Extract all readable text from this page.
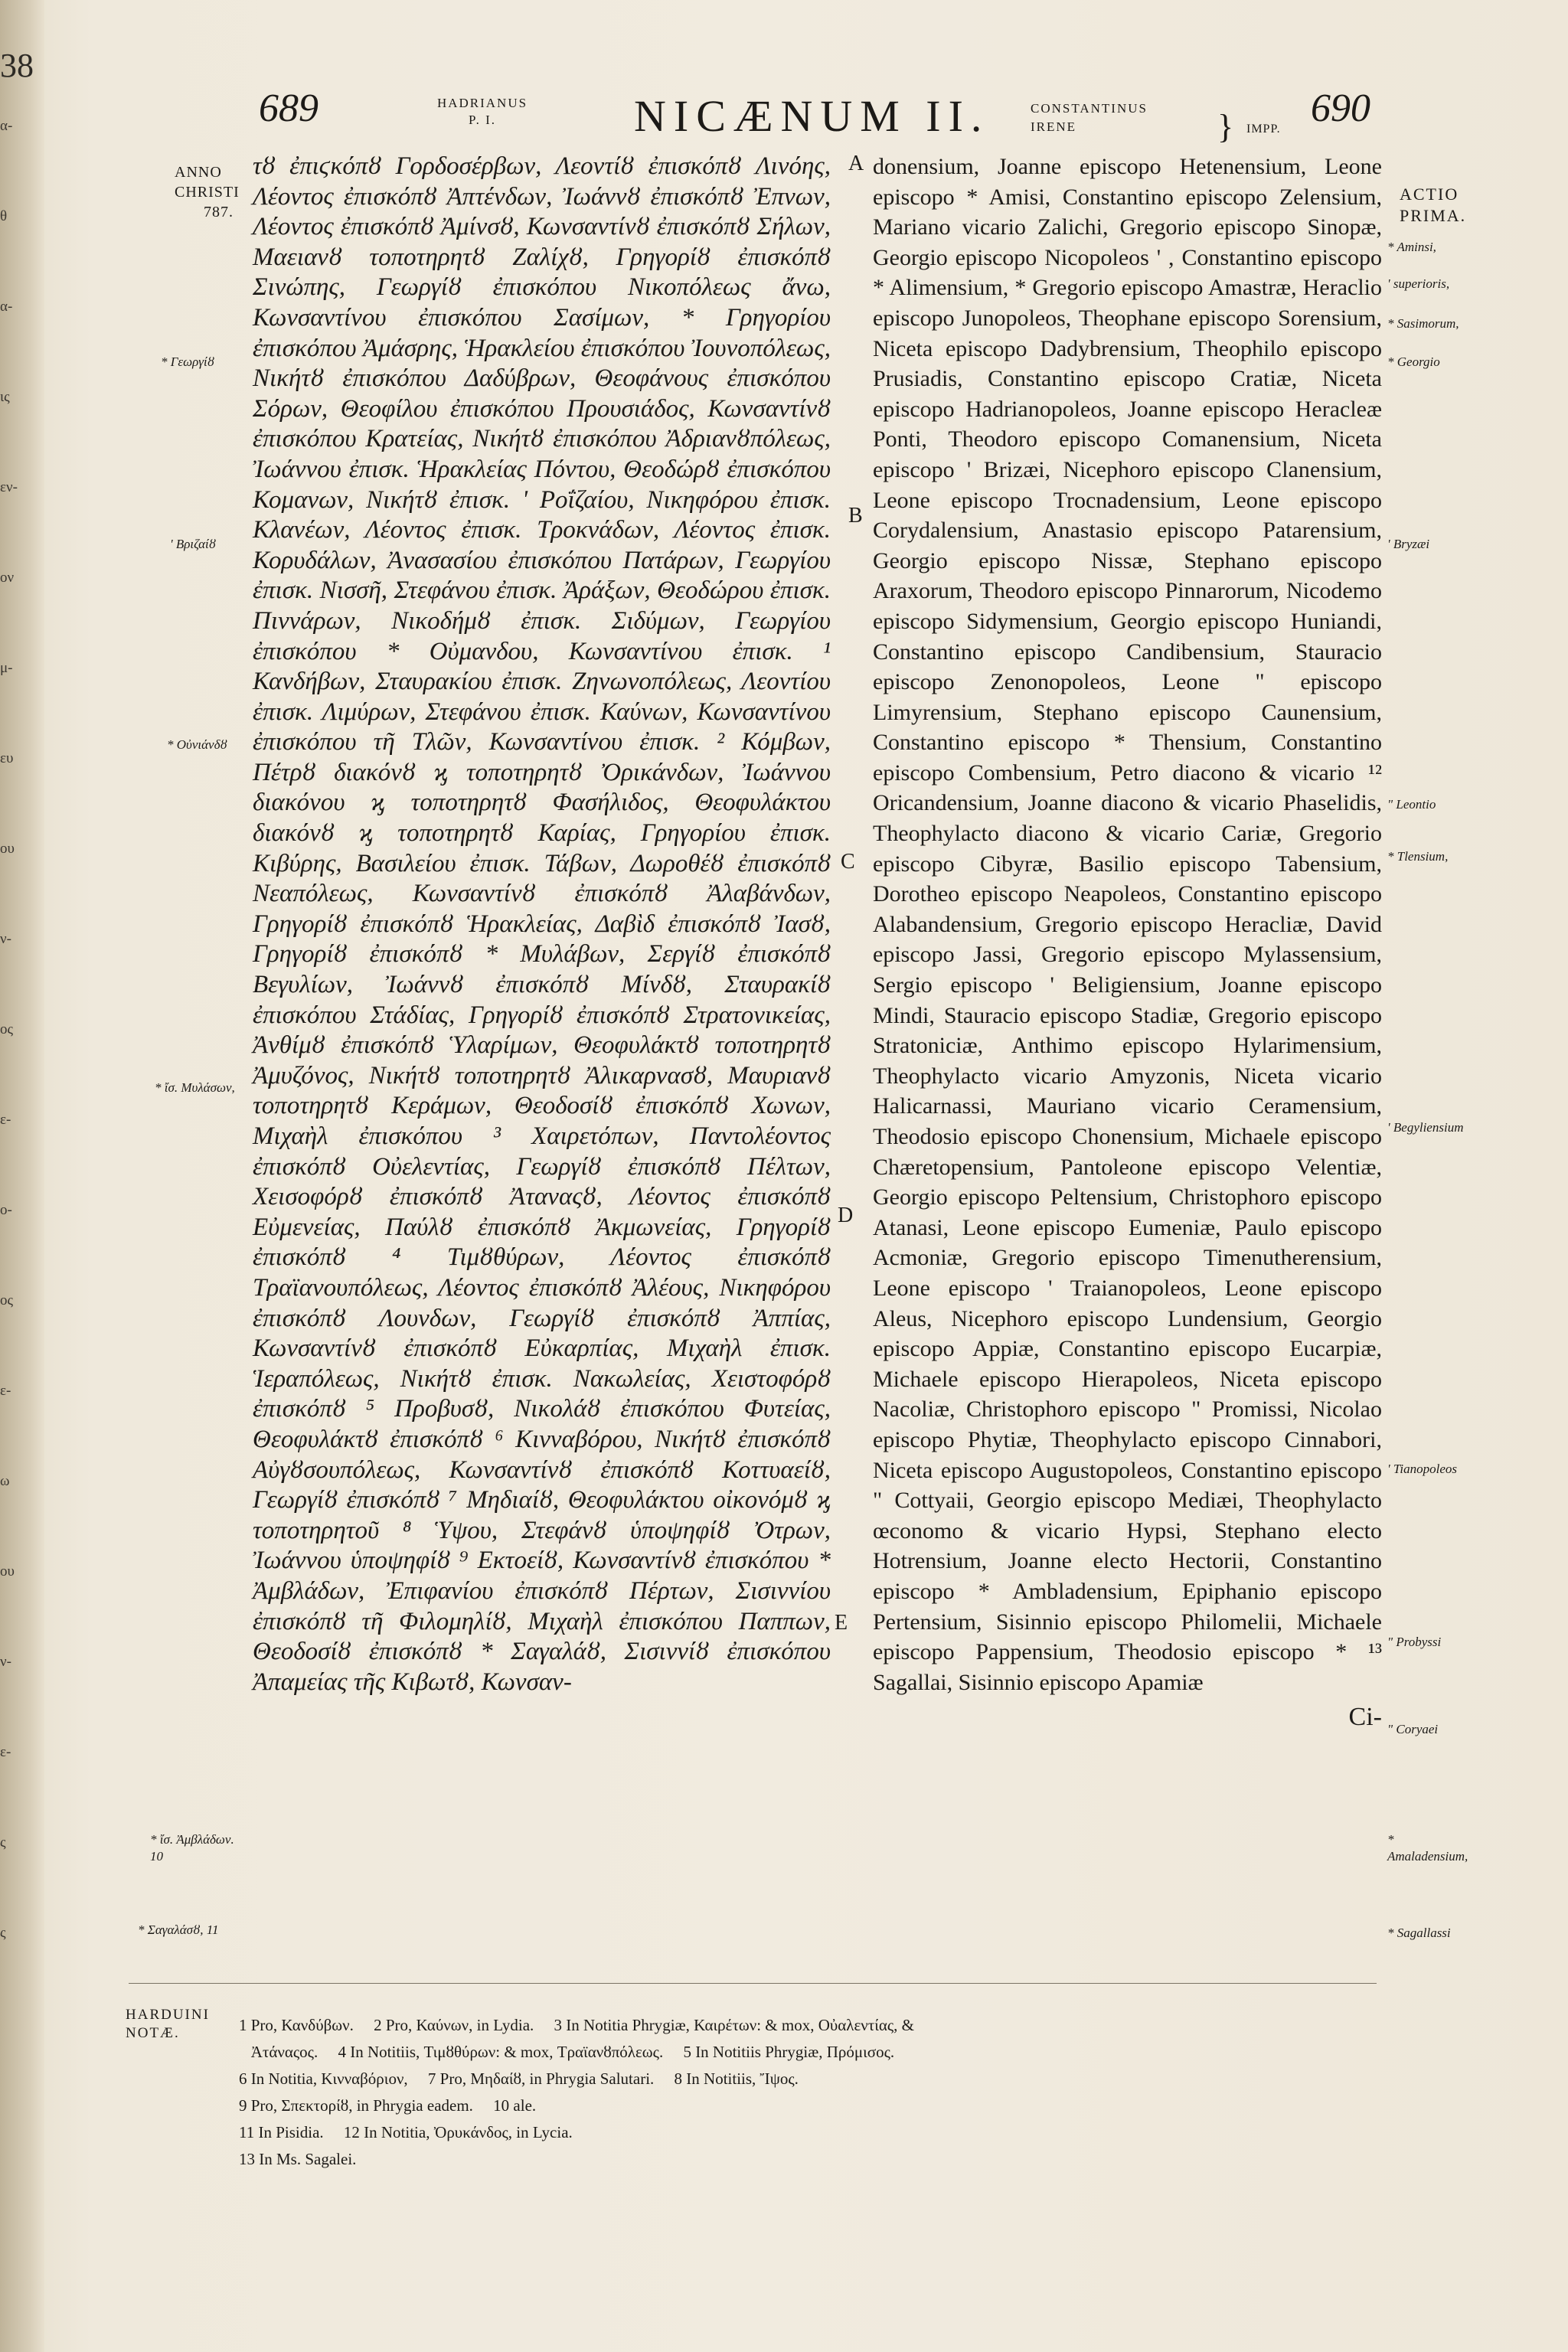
38
α-
θ
α-
ις
εν-
ον
μ-
ευ
ου
ν-
ος
ε-
ο-
ος
ε-
ω
ου
ν-
ε-
ς
ς
689	HADRIANUS
P. I.	NICÆNUM II.	CONSTANTINUS
IRENE	} IMPP. 690
ANNO
CHRISTI
787.
ACTIO
PRIMA.

τȣ ἐπιϛκόπȣ Γορδοσέρβων, Λεοντίȣ ἐπισκόπȣ Λινόης, Λέοντος ἐπισκόπȣ Ἀπτένδων, Ἰωάννȣ ἐπισκόπȣ Ἐπνων, Λέοντος ἐπισκόπȣ Ἀμίνσȣ, Κωνσαντίνȣ ἐπισκόπȣ Σήλων, Μαειανȣ τοποτηρητȣ Ζαλίχȣ, Γρηγορίȣ ἐπισκόπȣ Σινώπης, Γεωργίȣ ἐπισκόπου Νικοπόλεως ἄνω, Κωνσαντίνου ἐπισκόπου Σασίμων, * Γρηγορίου ἐπισκόπου Ἀμάσρης, Ἡρακλείου ἐπισκόπου Ἰουνοπόλεως, Νικήτȣ ἐπισκόπου Δαδύβρων, Θεοφάνους ἐπισκόπου Σόρων, Θεοφίλου ἐπισκόπου Προυσιάδος, Κωνσαντίνȣ ἐπισκόπου Κρατείας, Νικήτȣ ἐπισκόπου Ἀδριανȣπόλεως, Ἰωάννου ἐπισκ. Ἡρακλείας Πόντου, Θεοδώρȣ ἐπισκόπου Κομανων, Νικήτȣ ἐπισκ. ʹ Ροΐζαίου, Νικηφόρου ἐπισκ. Κλανέων, Λέοντος ἐπισκ. Τροκνάδων, Λέοντος ἐπισκ. Κορυδάλων, Ἀνασασίου ἐπισκόπου Πατάρων, Γεωργίου ἐπισκ. Νισσῆ, Στεφάνου ἐπισκ. Ἀράξων, Θεοδώρου ἐπισκ. Πιννάρων, Νικοδήμȣ ἐπισκ. Σιδύμων, Γεωργίου ἐπισκόπου * Οὐμανδου, Κωνσαντίνου ἐπισκ. ¹ Κανδήβων, Σταυρακίου ἐπισκ. Ζηνωνοπόλεως, Λεοντίου ἐπισκ. Λιμύρων, Στεφάνου ἐπισκ. Καύνων, Κωνσαντίνου ἐπισκόπου τῆ Τλῶν, Κωνσαντίνου ἐπισκ. ² Κόμβων, Πέτρȣ διακόνȣ ϗ τοποτηρητȣ Ὀρικάνδων, Ἰωάννου διακόνου ϗ τοποτηρητȣ Φασήλιδος, Θεοφυλάκτου διακόνȣ ϗ τοποτηρητȣ Καρίας, Γρηγορίου ἐπισκ. Κιβύρης, Βασιλείου ἐπισκ. Τάβων, Δωροθέȣ ἐπισκόπȣ Νεαπόλεως, Κωνσαντίνȣ ἐπισκόπȣ Ἀλαβάνδων, Γρηγορίȣ ἐπισκόπȣ Ἡρακλείας, Δαβὶδ ἐπισκόπȣ Ἰασȣ, Γρηγορίȣ ἐπισκόπȣ * Μυλάβων, Σεργίȣ ἐπισκόπȣ Βεγυλίων, Ἰωάννȣ ἐπισκόπȣ Μίνδȣ, Σταυρακίȣ ἐπισκόπου Στάδίας, Γρηγορίȣ ἐπισκόπȣ Στρατονικείας, Ἀνθίμȣ ἐπισκόπȣ Ὑλαρίμων, Θεοφυλάκτȣ τοποτηρητȣ Ἀμυζόνος, Νικήτȣ τοποτηρητȣ Ἀλικαρνασȣ, Μαυριανȣ τοποτηρητȣ Κεράμων, Θεοδοσίȣ ἐπισκόπȣ Χωνων, Μιχαὴλ ἐπισκόπου ³ Χαιρετόπων, Παντολέοντος ἐπισκόπȣ Οὐελεντίας, Γεωργίȣ ἐπισκόπȣ Πέλτων, Χεισοφόρȣ ἐπισκόπȣ Ἀταναςȣ, Λέοντος ἐπισκόπȣ Εὐμενείας, Παύλȣ ἐπισκόπȣ Ἀκμωνείας, Γρηγορίȣ ἐπισκόπȣ ⁴ Τιμȣθύρων, Λέοντος ἐπισκόπȣ Τραϊανουπόλεως, Λέοντος ἐπισκόπȣ Ἀλέους, Νικηφόρου ἐπισκόπȣ Λουνδων, Γεωργίȣ ἐπισκόπȣ Ἀππίας, Κωνσαντίνȣ ἐπισκόπȣ Εὐκαρπίας, Μιχαὴλ ἐπισκ. Ἱεραπόλεως, Νικήτȣ ἐπισκ. Νακωλείας, Χειστοφόρȣ ἐπισκόπȣ ⁵ Προβυσȣ, Νικολάȣ ἐπισκόπου Φυτείας, Θεοφυλάκτȣ ἐπισκόπȣ ⁶ Κινναβόρου, Νικήτȣ ἐπισκόπȣ Αὐγȣσουπόλεως, Κωνσαντίνȣ ἐπισκόπȣ Κοττυαείȣ, Γεωργίȣ ἐπισκόπȣ ⁷ Μηδιαίȣ, Θεοφυλάκτου οἰκονόμȣ ϗ τοποτηρητοῦ ⁸ Ὑψου, Στεφάνȣ ὑποψηφίȣ Ὀτρων, Ἰωάννου ὑποψηφίȣ ⁹ Εκτοείȣ, Κωνσαντίνȣ ἐπισκόπου * Ἀμβλάδων, Ἐπιφανίου ἐπισκόπȣ Πέρτων, Σισιννίου ἐπισκόπȣ τῆ Φιλομηλίȣ, Μιχαὴλ ἐπισκόπου Παππων, Θεοδοσίȣ ἐπισκόπȣ * Σαγαλάȣ, Σισιννίȣ ἐπισκόπου Ἀπαμείας τῆς Κιβωτȣ, Κωνσαν-

donensium, Joanne episcopo Hetenensium, Leone episcopo * Amisi, Constantino episcopo Zelensium, Mariano vicario Zalichi, Gregorio episcopo Sinopæ, Georgio episcopo Nicopoleos ' , Constantino episcopo * Alimensium, * Gregorio episcopo Amastræ, Heraclio episcopo Junopoleos, Theophane episcopo Sorensium, Niceta episcopo Dadybrensium, Theophilo episcopo Prusiadis, Constantino episcopo Cratiæ, Niceta episcopo Hadrianopoleos, Joanne episcopo Heracleæ Ponti, Theodoro episcopo Comanensium, Niceta episcopo ' Brizæi, Nicephoro episcopo Clanensium, Leone episcopo Trocnadensium, Leone episcopo Corydalensium, Anastasio episcopo Patarensium, Georgio episcopo Nissæ, Stephano episcopo Araxorum, Theodoro episcopo Pinnarorum, Nicodemo episcopo Sidymensium, Georgio episcopo Huniandi, Constantino episcopo Candibensium, Stauracio episcopo Zenonopoleos, Leone " episcopo Limyrensium, Stephano episcopo Caunensium, Constantino episcopo * Thensium, Constantino episcopo Combensium, Petro diacono & vicario ¹² Oricandensium, Joanne diacono & vicario Phaselidis, Theophylacto diacono & vicario Cariæ, Gregorio episcopo Cibyræ, Basilio episcopo Tabensium, Dorotheo episcopo Neapoleos, Constantino episcopo Alabandensium, Gregorio episcopo Heracliæ, David episcopo Jassi, Gregorio episcopo Mylassensium, Sergio episcopo ' Beligiensium, Joanne episcopo Mindi, Stauracio episcopo Stadiæ, Gregorio episcopo Stratoniciæ, Anthimo episcopo Hylarimensium, Theophylacto vicario Amyzonis, Niceta vicario Halicarnassi, Mauriano vicario Ceramensium, Theodosio episcopo Chonensium, Michaele episcopo Chæretopensium, Pantoleone episcopo Velentiæ, Georgio episcopo Peltensium, Christophoro episcopo Atanasi, Leone episcopo Eumeniæ, Paulo episcopo Acmoniæ, Gregorio episcopo Timenutherensium, Leone episcopo ' Traianopoleos, Leone episcopo Aleus, Nicephoro episcopo Lundensium, Georgio episcopo Appiæ, Constantino episcopo Eucarpiæ, Michaele episcopo Hierapoleos, Niceta episcopo Nacoliæ, Christophoro episcopo " Promissi, Nicolao episcopo Phytiæ, Theophylacto episcopo Cinnabori, Niceta episcopo Augustopoleos, Constantino episcopo " Cottyaii, Georgio episcopo Mediæi, Theophylacto œconomo & vicario Hypsi, Stephano electo Hotrensium, Joanne electo Hectorii, Constantino episcopo * Ambladensium, Epiphanio episcopo Pertensium, Sisinnio episcopo Philomelii, Michaele episcopo Pappensium, Theodosio episcopo * ¹³ Sagallai, Sisinnio episcopo Apamiæ

Ci-
A
B
C
D
E
* Γεωργίȣ
ʹ Βριζαίȣ
* Οὐνιάνδȣ
* ἴσ. Μυλάσων,
* ἴσ. Ἀμβλάδων. 10
* Σαγαλάσȣ, 11
* Aminsi,
ʹ superioris,
* Sasimorum,
* Georgio
ʹ Bryzæi
" Leontio
* Tlensium,
ʹ Begyliensium
ʹ Tianopoleos
" Probyssi
" Coryaei
* Amaladensium,
* Sagallassi
HARDUINI
NOTÆ.	1 Pro, Κανδύβων.     2 Pro, Καύνων, in Lydia.     3 In Notitia Phrygiæ, Καιρέτων: & mox, Οὐαλεντίας, &
Ἀτάναςος.     4 In Notitiis, Τιμȣθύρων: & mox, Τραϊανȣπόλεως.     5 In Notitiis Phrygiæ, Πρόμισος.
6 In Notitia, Κινναβόριον,     7 Pro, Μηδαίȣ, in Phrygia Salutari.     8 In Notitiis, Ἴψος.
9 Pro, Σπεκτορίȣ, in Phrygia eadem.     10 ale.
11 In Pisidia.     12 In Notitia, Ὀρυκάνδος, in Lycia.
13 In Ms. Sagalei.
